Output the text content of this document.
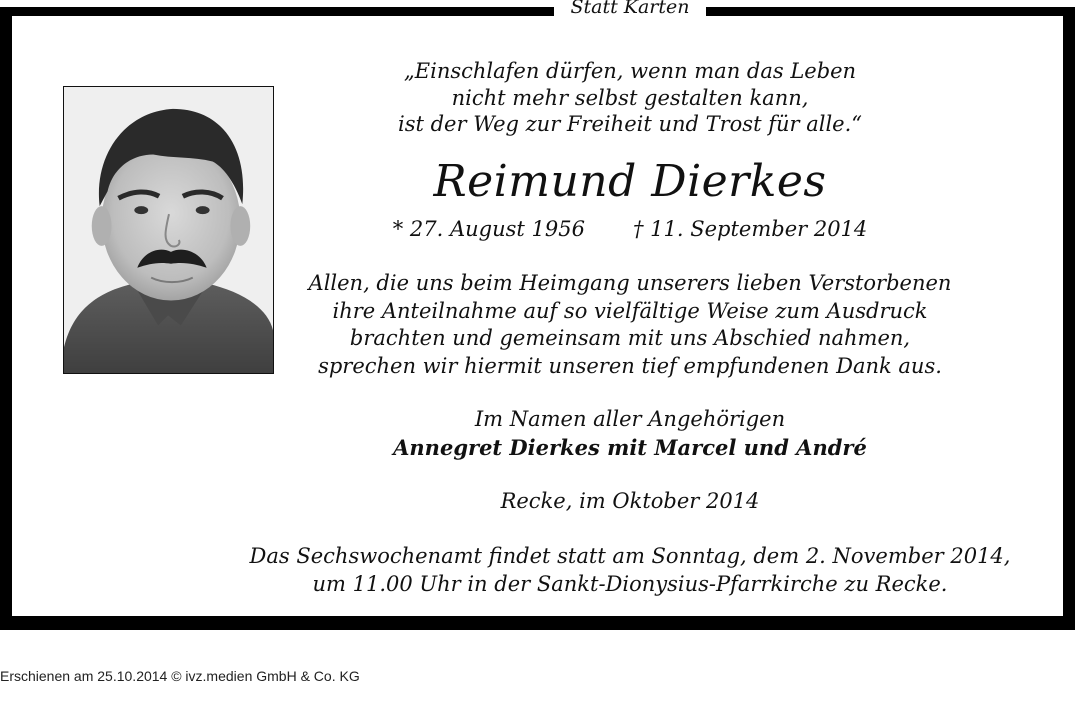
Statt Karten
„Einschlafen dürfen, wenn man das Leben
nicht mehr selbst gestalten kann,
ist der Weg zur Freiheit und Trost für alle.“
Reimund Dierkes
* 27. August 1956 † 11. September 2014
Allen, die uns beim Heimgang unserers lieben Verstorbenen
ihre Anteilnahme auf so vielfältige Weise zum Ausdruck
brachten und gemeinsam mit uns Abschied nahmen,
sprechen wir hiermit unseren tief empfundenen Dank aus.
Im Namen aller Angehörigen
Annegret Dierkes mit Marcel und André
Recke, im Oktober 2014
Das Sechswochenamt findet statt am Sonntag, dem 2. November 2014,
um 11.00 Uhr in der Sankt-Dionysius-Pfarrkirche zu Recke.
Erschienen am 25.10.2014 © ivz.medien GmbH & Co. KG
